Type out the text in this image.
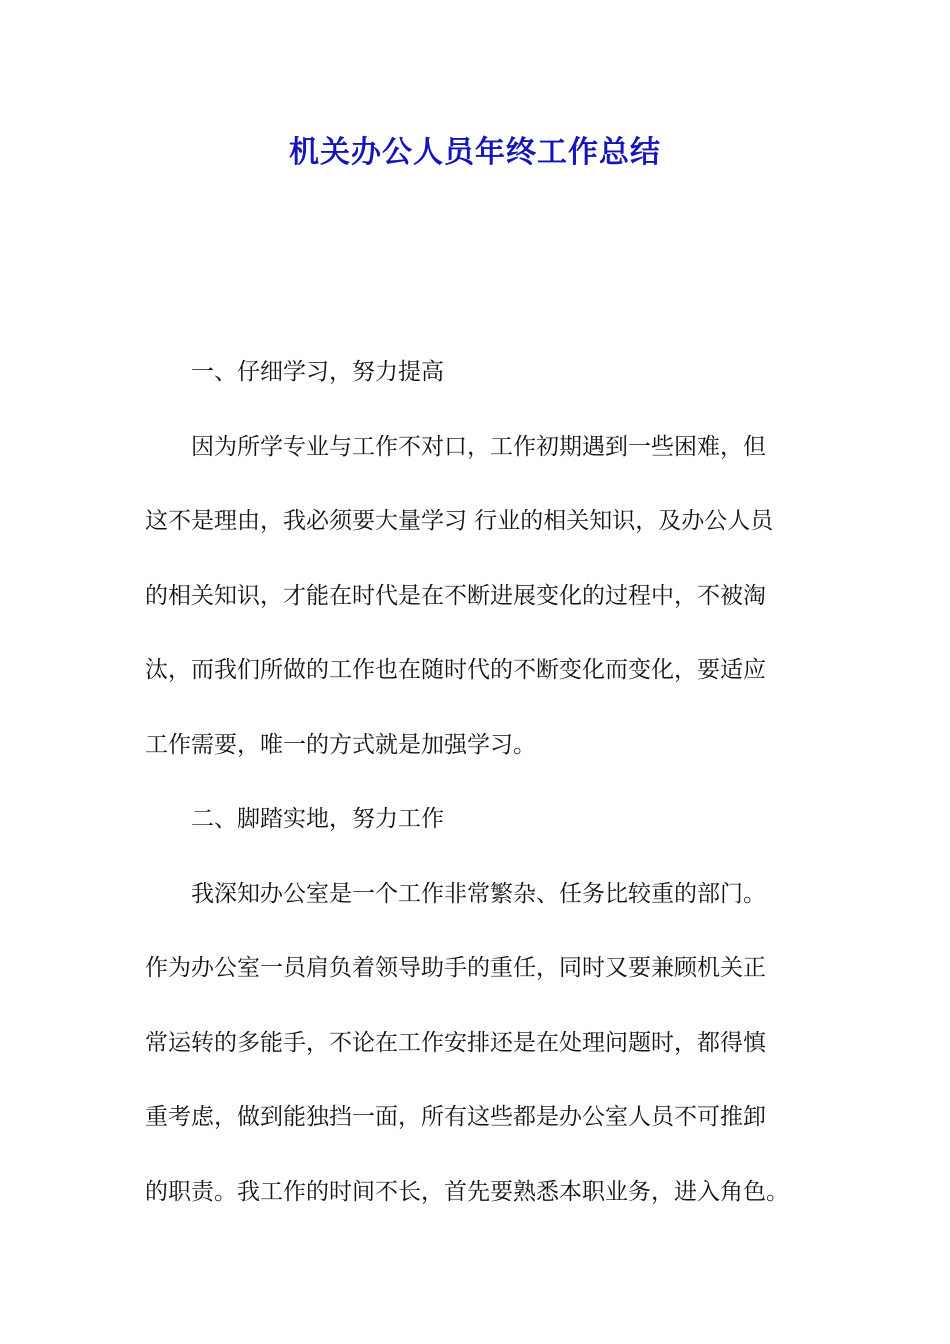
机关办公人员年终工作总结
一、仔细学习，努力提高
因为所学专业与工作不对口，工作初期遇到一些困难，但
这不是理由，我必须要大量学习 行业的相关知识，及办公人员
的相关知识，才能在时代是在不断进展变化的过程中，不被淘
汰，而我们所做的工作也在随时代的不断变化而变化，要适应
工作需要，唯一的方式就是加强学习。
二、脚踏实地，努力工作
我深知办公室是一个工作非常繁杂、任务比较重的部门。
作为办公室一员肩负着领导助手的重任，同时又要兼顾机关正
常运转的多能手，不论在工作安排还是在处理问题时，都得慎
重考虑，做到能独挡一面，所有这些都是办公室人员不可推卸
的职责。我工作的时间不长，首先要熟悉本职业务，进入角色。
